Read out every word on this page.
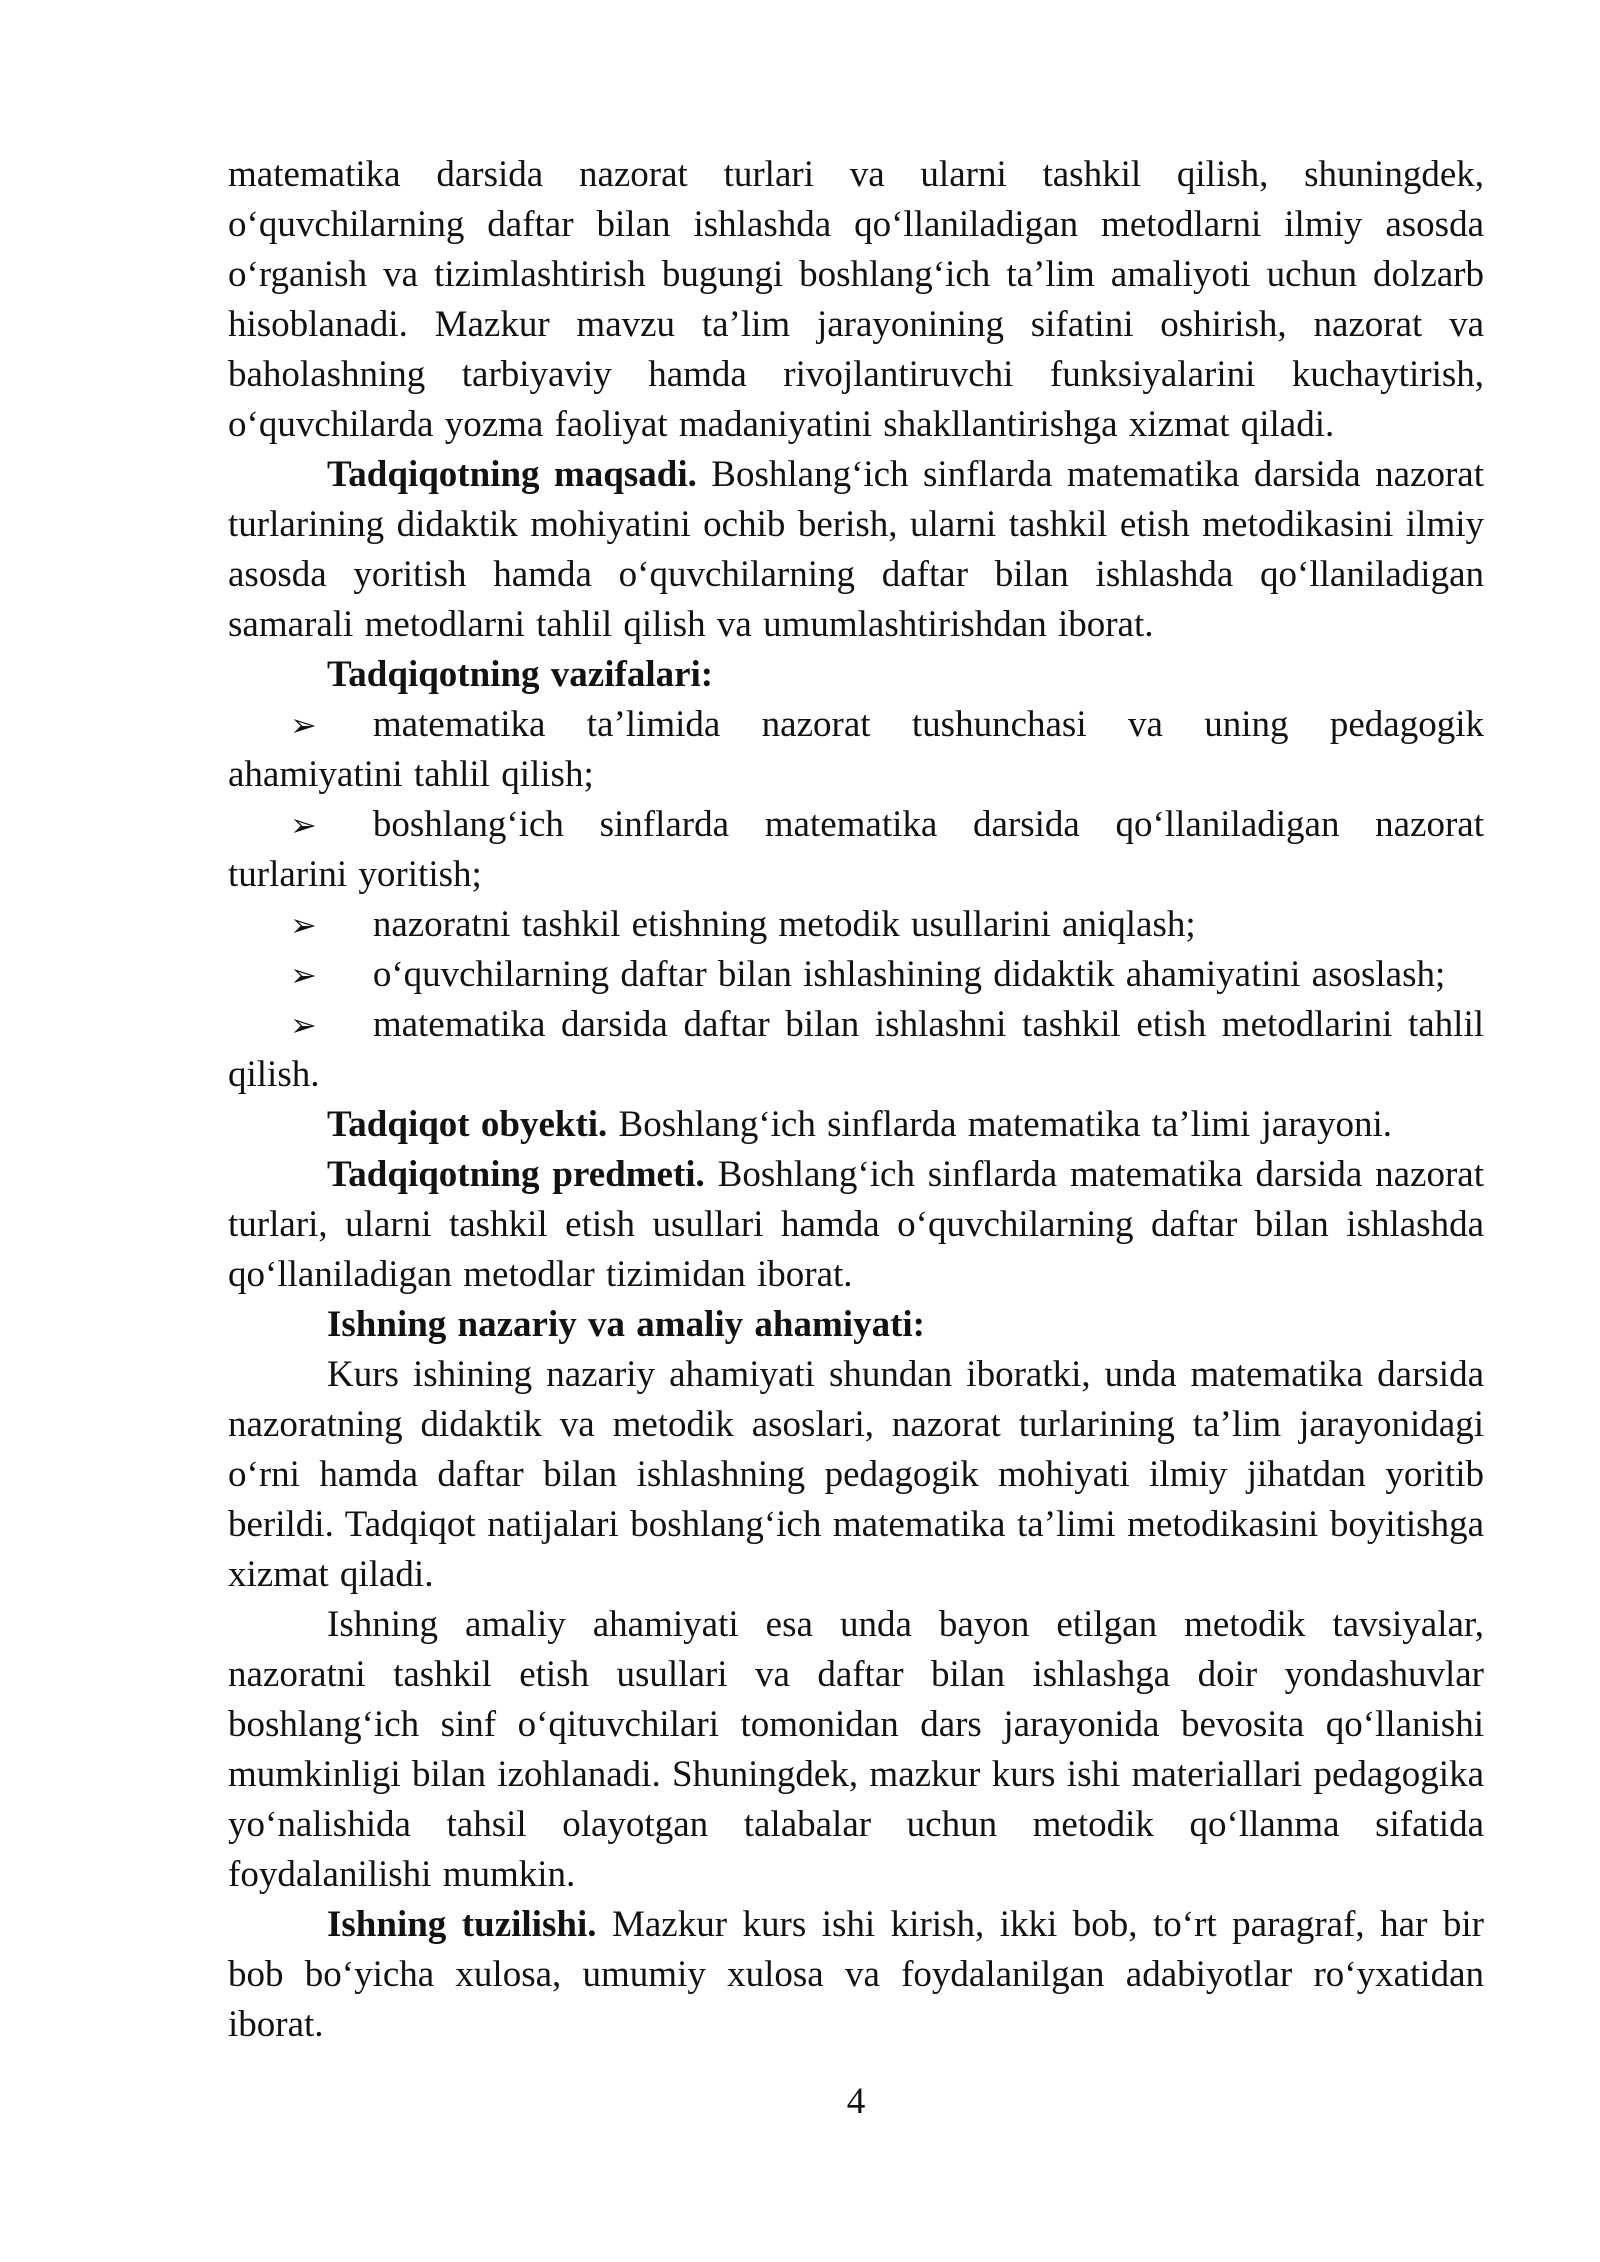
matematika darsida nazorat turlari va ularni tashkil qilish, shuningdek, o‘quvchilarning daftar bilan ishlashda qo‘llaniladigan metodlarni ilmiy asosda o‘rganish va tizimlashtirish bugungi boshlang‘ich ta’lim amaliyoti uchun dolzarb hisoblanadi. Mazkur mavzu ta’lim jarayonining sifatini oshirish, nazorat va baholashning tarbiyaviy hamda rivojlantiruvchi funksiyalarini kuchaytirish, o‘quvchilarda yozma faoliyat madaniyatini shakllantirishga xizmat qiladi.

Tadqiqotning maqsadi. Boshlang‘ich sinflarda matematika darsida nazorat turlarining didaktik mohiyatini ochib berish, ularni tashkil etish metodikasini ilmiy asosda yoritish hamda o‘quvchilarning daftar bilan ishlashda qo‘llaniladigan samarali metodlarni tahlil qilish va umumlashtirishdan iborat.

Tadqiqotning vazifalari:

➢ matematika ta’limida nazorat tushunchasi va uning pedagogik ahamiyatini tahlil qilish;

➢ boshlang‘ich sinflarda matematika darsida qo‘llaniladigan nazorat turlarini yoritish;

➢ nazoratni tashkil etishning metodik usullarini aniqlash;

➢ o‘quvchilarning daftar bilan ishlashining didaktik ahamiyatini asoslash;

➢ matematika darsida daftar bilan ishlashni tashkil etish metodlarini tahlil qilish.

Tadqiqot obyekti. Boshlang‘ich sinflarda matematika ta’limi jarayoni.

Tadqiqotning predmeti. Boshlang‘ich sinflarda matematika darsida nazorat turlari, ularni tashkil etish usullari hamda o‘quvchilarning daftar bilan ishlashda qo‘llaniladigan metodlar tizimidan iborat.

Ishning nazariy va amaliy ahamiyati:

Kurs ishining nazariy ahamiyati shundan iboratki, unda matematika darsida nazoratning didaktik va metodik asoslari, nazorat turlarining ta’lim jarayonidagi o‘rni hamda daftar bilan ishlashning pedagogik mohiyati ilmiy jihatdan yoritib berildi. Tadqiqot natijalari boshlang‘ich matematika ta’limi metodikasini boyitishga xizmat qiladi.

Ishning amaliy ahamiyati esa unda bayon etilgan metodik tavsiyalar, nazoratni tashkil etish usullari va daftar bilan ishlashga doir yondashuvlar boshlang‘ich sinf o‘qituvchilari tomonidan dars jarayonida bevosita qo‘llanishi mumkinligi bilan izohlanadi. Shuningdek, mazkur kurs ishi materiallari pedagogika yo‘nalishida tahsil olayotgan talabalar uchun metodik qo‘llanma sifatida foydalanilishi mumkin.

Ishning tuzilishi. Mazkur kurs ishi kirish, ikki bob, to‘rt paragraf, har bir bob bo‘yicha xulosa, umumiy xulosa va foydalanilgan adabiyotlar ro‘yxatidan iborat.

4
